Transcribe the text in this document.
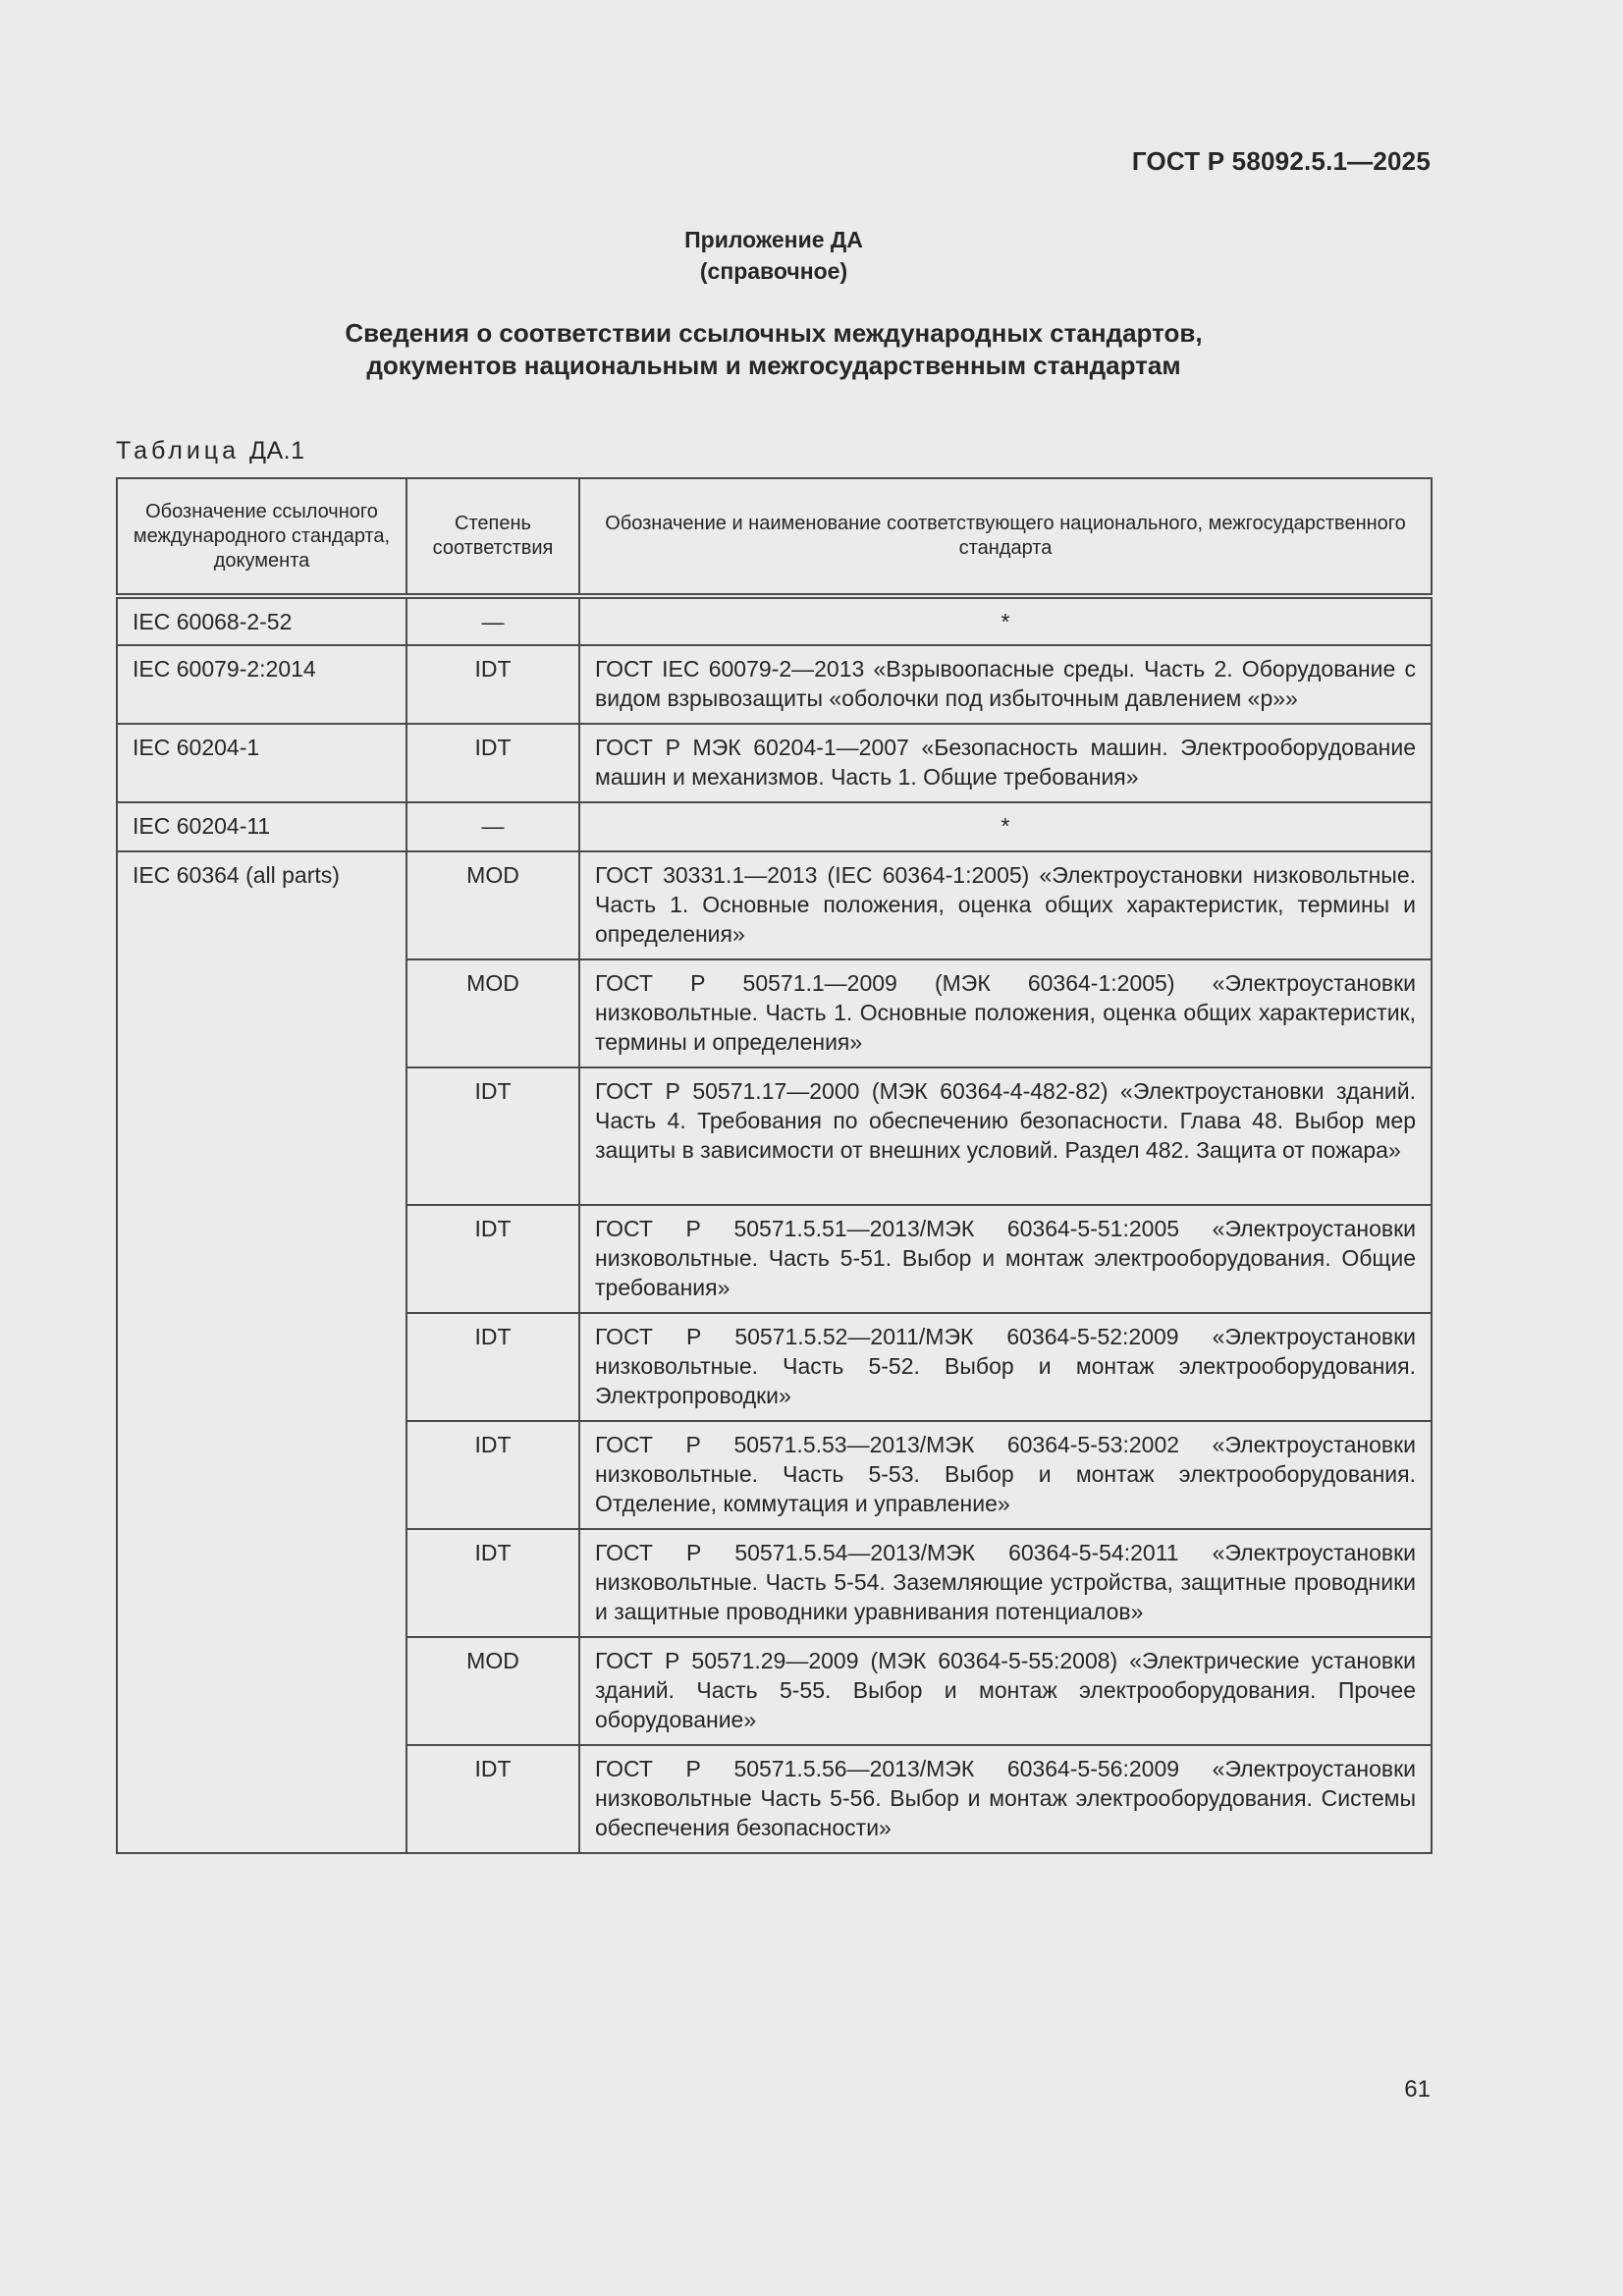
ГОСТ Р 58092.5.1—2025
Приложение ДА
(справочное)
Сведения о соответствии ссылочных международных стандартов,
документов национальным и межгосударственным стандартам
Таблица ДА.1
Обозначение ссылочного международного стандарта, документа	Степень соответствия	Обозначение и наименование соответствующего национального, межгосударственного стандарта
IEC 60068-2-52	—	*
IEC 60079-2:2014	IDT	ГОСТ IEC 60079-2—2013 «Взрывоопасные среды. Часть 2. Оборудование с видом взрывозащиты «оболочки под избыточным давлением «р»»
IEC 60204-1	IDT	ГОСТ Р МЭК 60204-1—2007 «Безопасность машин. Электрооборудование машин и механизмов. Часть 1. Общие требования»
IEC 60204-11	—	*
IEC 60364 (all parts)	MOD	ГОСТ 30331.1—2013 (IEC 60364-1:2005) «Электроустановки низковольтные. Часть 1. Основные положения, оценка общих характеристик, термины и определения»
	MOD	ГОСТ Р 50571.1—2009 (МЭК 60364-1:2005) «Электроустановки низковольтные. Часть 1. Основные положения, оценка общих характеристик, термины и определения»
	IDT	ГОСТ Р 50571.17—2000 (МЭК 60364-4-482-82) «Электроустановки зданий. Часть 4. Требования по обеспечению безопасности. Глава 48. Выбор мер защиты в зависимости от внешних условий. Раздел 482. Защита от пожара»
	IDT	ГОСТ Р 50571.5.51—2013/МЭК 60364-5-51:2005 «Электроустановки низковольтные. Часть 5-51. Выбор и монтаж электрооборудования. Общие требования»
	IDT	ГОСТ Р 50571.5.52—2011/МЭК 60364-5-52:2009 «Электроустановки низковольтные. Часть 5-52. Выбор и монтаж электрооборудования. Электропроводки»
	IDT	ГОСТ Р 50571.5.53—2013/МЭК 60364-5-53:2002 «Электроустановки низковольтные. Часть 5-53. Выбор и монтаж электрооборудования. Отделение, коммутация и управление»
	IDT	ГОСТ Р 50571.5.54—2013/МЭК 60364-5-54:2011 «Электроустановки низковольтные. Часть 5-54. Заземляющие устройства, защитные проводники и защитные проводники уравнивания потенциалов»
	MOD	ГОСТ Р 50571.29—2009 (МЭК 60364-5-55:2008) «Электрические установки зданий. Часть 5-55. Выбор и монтаж электрооборудования. Прочее оборудование»
	IDT	ГОСТ Р 50571.5.56—2013/МЭК 60364-5-56:2009 «Электроустановки низковольтные Часть 5-56. Выбор и монтаж электрооборудования. Системы обеспечения безопасности»
61
